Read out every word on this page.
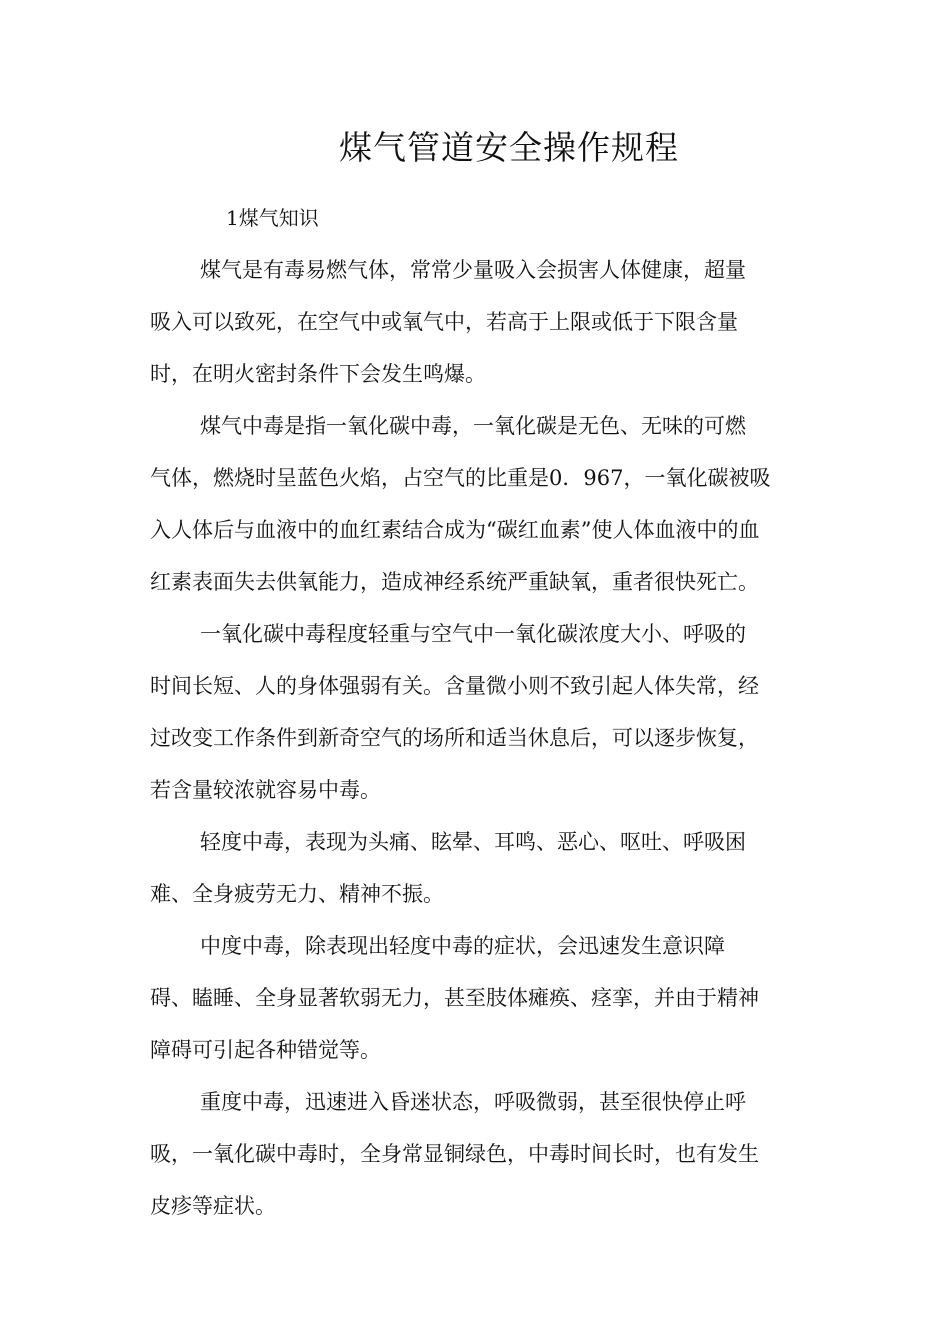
煤气管道安全操作规程
1煤气知识
煤气是有毒易燃气体，常常少量吸入会损害人体健康，超量
吸入可以致死，在空气中或氧气中，若高于上限或低于下限含量
时，在明火密封条件下会发生鸣爆。
煤气中毒是指一氧化碳中毒，一氧化碳是无色、无味的可燃
气体，燃烧时呈蓝色火焰，占空气的比重是0．967，一氧化碳被吸
入人体后与血液中的血红素结合成为“碳红血素”使人体血液中的血
红素表面失去供氧能力，造成神经系统严重缺氧，重者很快死亡。
一氧化碳中毒程度轻重与空气中一氧化碳浓度大小、呼吸的
时间长短、人的身体强弱有关。含量微小则不致引起人体失常，经
过改变工作条件到新奇空气的场所和适当休息后，可以逐步恢复，
若含量较浓就容易中毒。
轻度中毒，表现为头痛、眩晕、耳鸣、恶心、呕吐、呼吸困
难、全身疲劳无力、精神不振。
中度中毒，除表现出轻度中毒的症状，会迅速发生意识障
碍、瞌睡、全身显著软弱无力，甚至肢体瘫痪、痉挛，并由于精神
障碍可引起各种错觉等。
重度中毒，迅速进入昏迷状态，呼吸微弱，甚至很快停止呼
吸，一氧化碳中毒时，全身常显铜绿色，中毒时间长时，也有发生
皮疹等症状。
